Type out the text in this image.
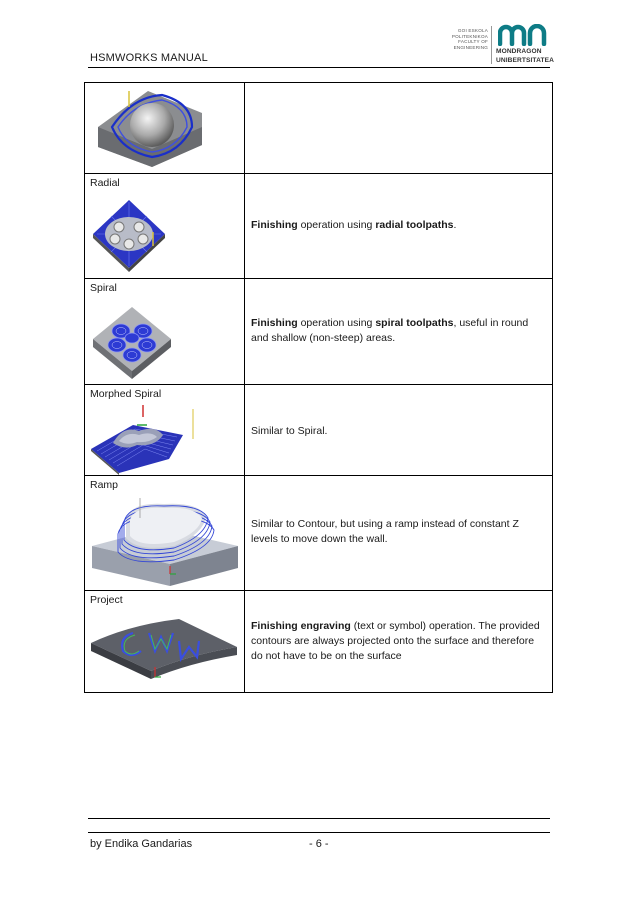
HSMWORKS MANUAL
GOI ESKOLA
POLITEKNIKOA
FACULTY OF
ENGINEERING
MONDRAGON
UNIBERTSITATEA

Radial	Finishing operation using radial toolpaths.

Spiral	Finishing operation using spiral toolpaths, useful in round and shallow (non-steep) areas.

Morphed Spiral	Similar to Spiral.

Ramp	Similar to Contour, but using a ramp instead of constant Z levels to move down the wall.

Project	Finishing engraving (text or symbol) operation. The provided contours are always projected onto the surface and therefore do not have to be on the surface
by Endika Gandarias	- 6 -
